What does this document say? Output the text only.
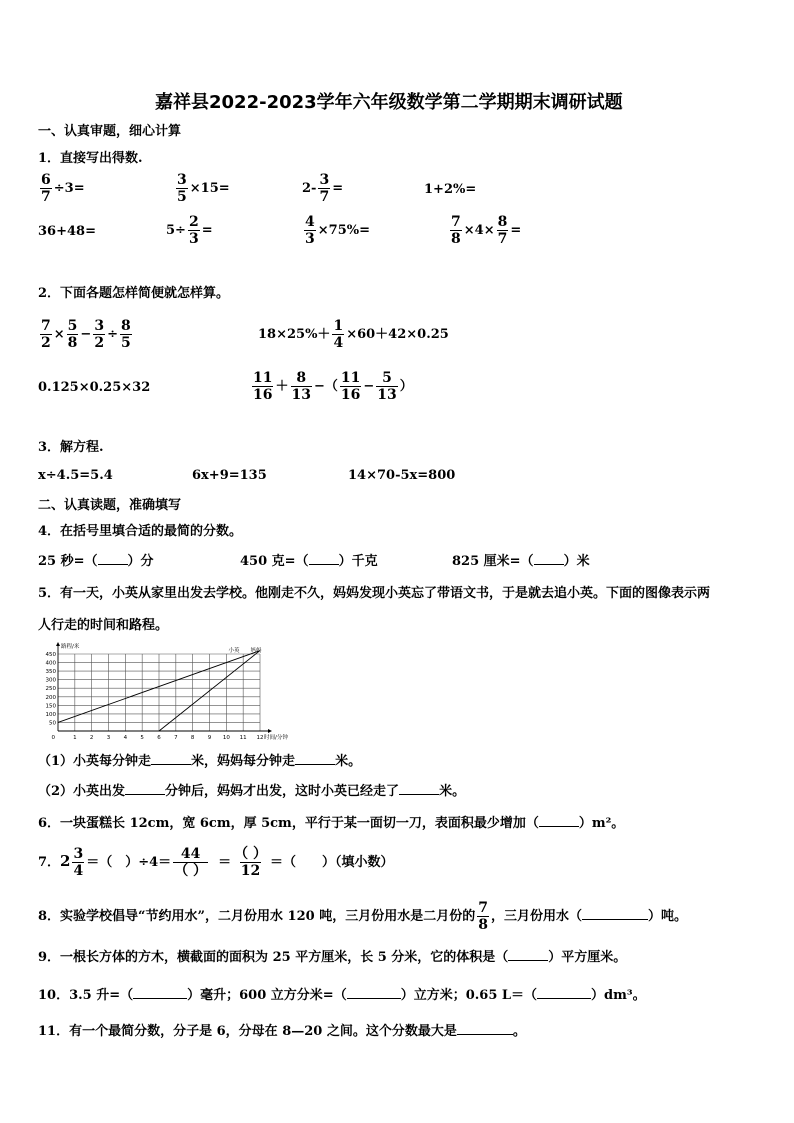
嘉祥县2022-2023学年六年级数学第二学期期末调研试题
一、认真审题，细心计算
1．直接写出得数.
$\frac{6}{7} \div 3=$	$\frac{3}{5} \times 15=$	$2- \frac{3}{7}$ =	1+2%=
36+48=	$5\div \frac{2}{3}$ =	$\frac{4}{3} \times 75\%=$	$\frac{7}{8} \times 4\times \frac{8}{7}$ =
2．下面各题怎样简便就怎样算。
$\frac{7}{2} \times \frac{5}{8} - \frac{3}{2} \div \frac{8}{5}$	$18\times 25\%+ \frac{1}{4} \times 60+42\times 0.25$
0.125×0.25×32	$\frac{11}{16} + \frac{8}{13}$ −（ $\frac{11}{16} - \frac{5}{13}$ ）
3．解方程.
x÷4.5=5.4	6x+9=135	14×70-5x=800
二、认真读题，准确填写
4．在括号里填合适的最简的分数。
25 秒=（ ）分	450 克=（ ）千克	825 厘米=（ ）米
5．有一天，小英从家里出发去学校。他刚走不久，妈妈发现小英忘了带语文书，于是就去追小英。下面的图像表示两
人行走的时间和路程。
1 2 3 4 5 6 7 8 9 10 11 12
50
100
150
200
250
300
350
400
450
0
小英 妈妈
路程/米
时间/分钟
（1）小英每分钟走	米，妈妈每分钟走	米。
（2）小英出发	分钟后，妈妈才出发，这时小英已经走了	米。
6．一块蛋糕长 12cm，宽 6cm，厚 5cm，平行于某一面切一刀，表面积最少增加（	）m²。
7．$2 \frac{3}{4}$ ＝（　）$\div 4= \frac{44}{( )} = \frac{( )}{12}$ ＝（　　）（填小数）
8．实验学校倡导“节约用水”，二月份用水 120 吨，三月份用水是二月份的 $\frac{7}{8}$ ，三月份用水（	）吨。
9．一根长方体的方木，横截面的面积为 25 平方厘米，长 5 分米，它的体积是（	）平方厘米。
10．3.5 升=（	）毫升；600 立方分米=（	）立方米；0.65 L＝（	）dm³。
11．有一个最简分数，分子是 6，分母在 8—20 之间。这个分数最大是	。
